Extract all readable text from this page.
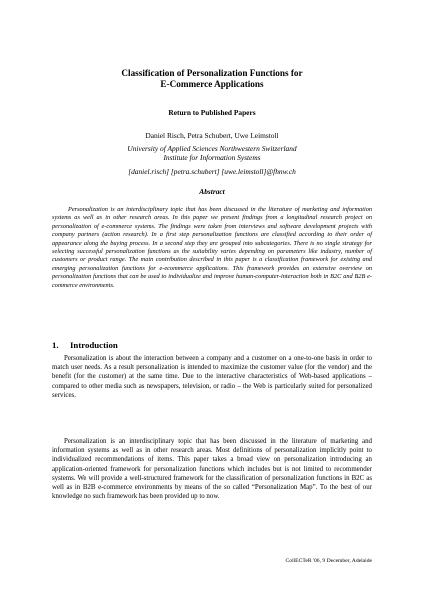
Classification of Personalization Functions for
E-Commerce Applications
Return to Published Papers
Daniel Risch, Petra Schubert, Uwe Leimstoll
University of Applied Sciences Northwestern Switzerland
Institute for Information Systems
[daniel.risch] [petra.schubert] [uwe.leimstoll]@fhnw.ch
Abstract
Personalization is an interdisciplinary topic that has been discussed in the literature of marketing and information systems as well as in other research areas. In this paper we present findings from a longitudinal research project on personalization of e-commerce systems. The findings were taken from interviews and software development projects with company partners (action research). In a first step personalization functions are classified according to their order of appearance along the buying process. In a second step they are grouped into subcategories. There is no single strategy for selecting successful personalization functions as the suitability varies depending on parameters like industry, number of customers or product range. The main contribution described in this paper is a classification framework for existing and emerging personalization functions for e-ecommerce applications. This framework provides an extensive overview on personalization functions that can be used to individualize and improve human-computer-interaction both in B2C and B2B e-commerce environments.
1. Introduction
Personalization is about the interaction between a company and a customer on a one-to-one basis in order to match user needs. As a result personalization is intended to maximize the customer value (for the vendor) and the benefit (for the customer) at the same time. Due to the interactive characteristics of Web-based applications – compared to other media such as newspapers, television, or radio – the Web is particularly suited for personalized services.
Personalization is an interdisciplinary topic that has been discussed in the literature of marketing and information systems as well as in other research areas. Most definitions of personalization implicitly point to individualized recommendations of items. This paper takes a broad view on personalization introducing an application-oriented framework for personalization functions which includes but is not limited to recommender systems. We will provide a well-structured framework for the classification of personalization functions in B2C as well as in B2B e-commerce environments by means of the so called “Personalization Map”. To the best of our knowledge no such framework has been provided up to now.
CollECTeR '06, 9 December, Adelaide
